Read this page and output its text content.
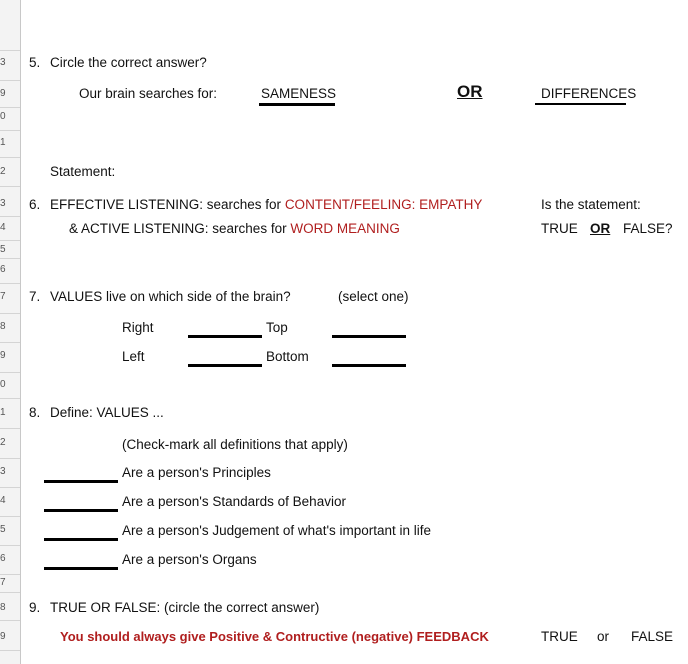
3
9
0
1
2
3
4
5
6
7
8
9
0
1
2
3
4
5
6
7
8
9
5. Circle the correct answer?
Our brain searches for:	SAMENESS	OR	DIFFERENCES
Statement:
6. EFFECTIVE LISTENING: searches for CONTENT/FEELING: EMPATHY
& ACTIVE LISTENING: searches for WORD MEANING
Is the statement:
TRUE OR FALSE?
7. VALUES live on which side of the brain?	(select one)
Right	Top
Left	Bottom
8. Define: VALUES ...
(Check-mark all definitions that apply)
Are a person's Principles
Are a person's Standards of Behavior
Are a person's Judgement of what's important in life
Are a person's Organs
9. TRUE OR FALSE: (circle the correct answer)
You should always give Positive & Contructive (negative) FEEDBACK	TRUE or FALSE
